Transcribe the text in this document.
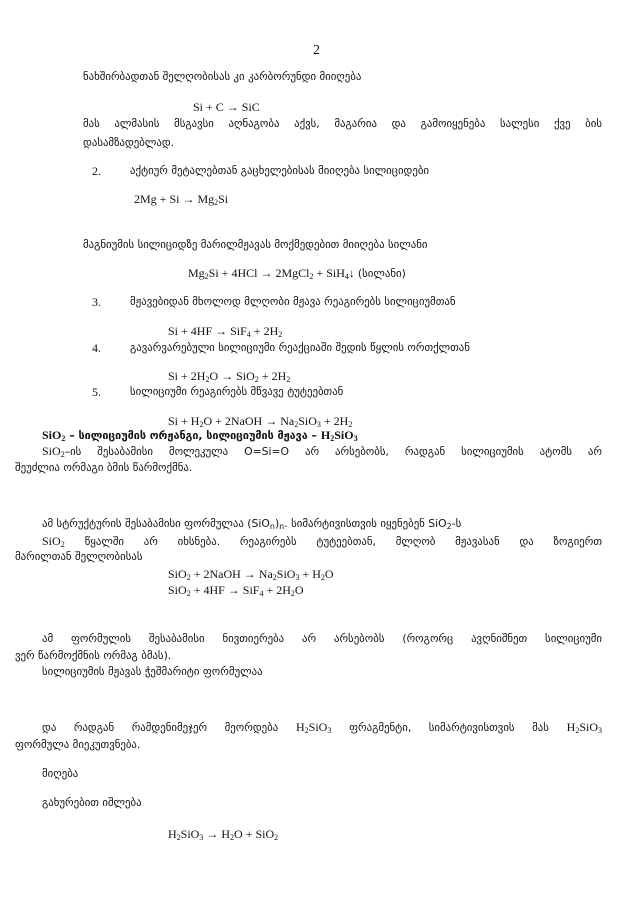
2
ნახშირბადთან შელღობისას კი კარბორუნდი მიიღება
Si + C → SiC
მას ალმასის მსგავსი აღნაგობა აქვს, მაგარია და გამოიყენება სალესი ქვე ბის
დასამზადებლად.
2.	აქტიურ მეტალებთან გაცხელებისას მიიღება სილიციდები
$2Mg + Si \to Mg_2Si$
მაგნიუმის სილიციდზე მარილმჟავას მოქმედებით მიიღება სილანი
$Mg_2Si + 4HCl$ → 2MgCl$_2$ + SiH$_4$↓ (სილანი)
3.	მჟავებიდან მხოლოდ მლღობი მჟავა რეაგირებს სილიციუმთან
$Si + 4HF \to SiF_4 + 2H_2$
4.	გავარვარებული სილიციუმი რეაქციაში შედის წყლის ორთქლთან
$Si + 2H_2O \to SiO_2 + 2H_2$
5.	სილიციუმი რეაგირებს მწვავე ტუტეებთან
$Si + H_2O$ + 2NaOH → $Na_2SiO_3 + 2H_2$
SiO$_2$ – სილიციუმის ორჟანგი, სილიციუმის მჟავა – $H_2SiO_3$
SiO$_2$–ის შესაბამისი მოლეკულა O=Si=O არ არსებობს, რადგან სილიციუმის ატომს არ
შეუძლია ორმაგი ბმის წარმოქმნა.
ამ სტრუქტურის შესაბამისი ფორმულაა $(SiO_n)_n$. სიმარტივისთვის იყენებენ SiO$_2$-ს
SiO$_2$ წყალში არ იხსნება. რეაგირებს ტუტეებთან, მლღობ მჟავასან და ზოგიერთ
მარილთან შელღობისას
SiO$_2$ + 2NaOH → $Na_2SiO_3 + H_2O$
$SiO_2 + 4HF \to SiF_4 + 2H_2O$
ამ ფორმულის შესაბამისი ნივთიერება არ არსებობს (როგორც ავღნიშნეთ სილიციუმი
ვერ წარმოქმნის ორმაგ ბმას).
სილიციუმის მჟავას ჭეშმარიტი ფორმულაა
და რადგან რამდენიმეჯერ მეორდება $H_2SiO_3$ ფრაგმენტი, სიმარტივისთვის მას $H_2SiO_3$
ფორმულა მიეკუთვნება.
მიღება
გახურებით იშლება
$H_2SiO_3 \to H_2O + SiO_2$
